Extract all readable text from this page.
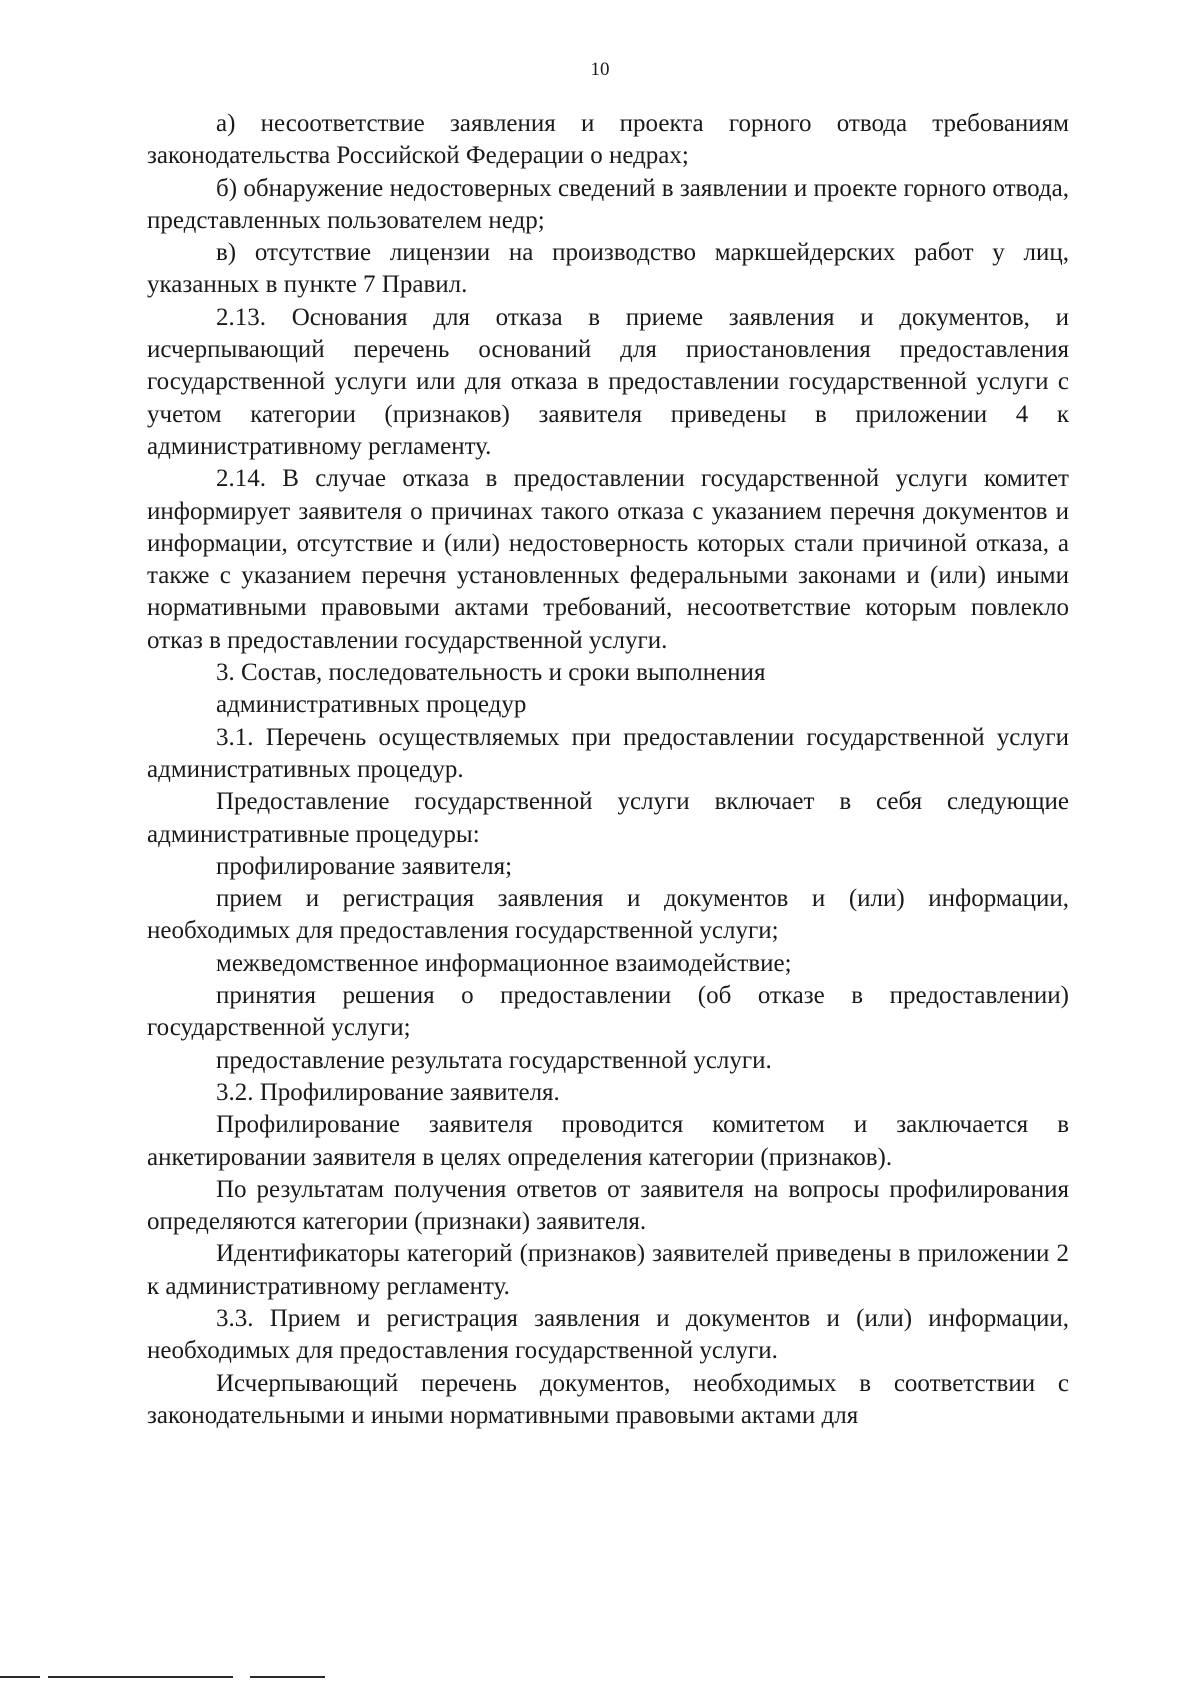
10

а) несоответствие заявления и проекта горного отвода требованиям законодательства Российской Федерации о недрах;

б) обнаружение недостоверных сведений в заявлении и проекте горного отвода, представленных пользователем недр;

в) отсутствие лицензии на производство маркшейдерских работ у лиц, указанных в пункте 7 Правил.

2.13. Основания для отказа в приеме заявления и документов, и исчерпывающий перечень оснований для приостановления предоставления государственной услуги или для отказа в предоставлении государственной услуги с учетом категории (признаков) заявителя приведены в приложении 4 к административному регламенту.

2.14. В случае отказа в предоставлении государственной услуги комитет информирует заявителя о причинах такого отказа с указанием перечня документов и информации, отсутствие и (или) недостоверность которых стали причиной отказа, а также с указанием перечня установленных федеральными законами и (или) иными нормативными правовыми актами требований, несоответствие которым повлекло отказ в предоставлении государственной услуги.

3. Состав, последовательность и сроки выполнения
административных процедур

3.1. Перечень осуществляемых при предоставлении государственной услуги административных процедур.

Предоставление государственной услуги включает в себя следующие административные процедуры:

профилирование заявителя;

прием и регистрация заявления и документов и (или) информации, необходимых для предоставления государственной услуги;

межведомственное информационное взаимодействие;

принятия решения о предоставлении (об отказе в предоставлении) государственной услуги;

предоставление результата государственной услуги.

3.2. Профилирование заявителя.

Профилирование заявителя проводится комитетом и заключается в анкетировании заявителя в целях определения категории (признаков).

По результатам получения ответов от заявителя на вопросы профилирования определяются категории (признаки) заявителя.

Идентификаторы категорий (признаков) заявителей приведены в приложении 2 к административному регламенту.

3.3. Прием и регистрация заявления и документов и (или) информации, необходимых для предоставления государственной услуги.

Исчерпывающий перечень документов, необходимых в соответствии с законодательными и иными нормативными правовыми актами для
